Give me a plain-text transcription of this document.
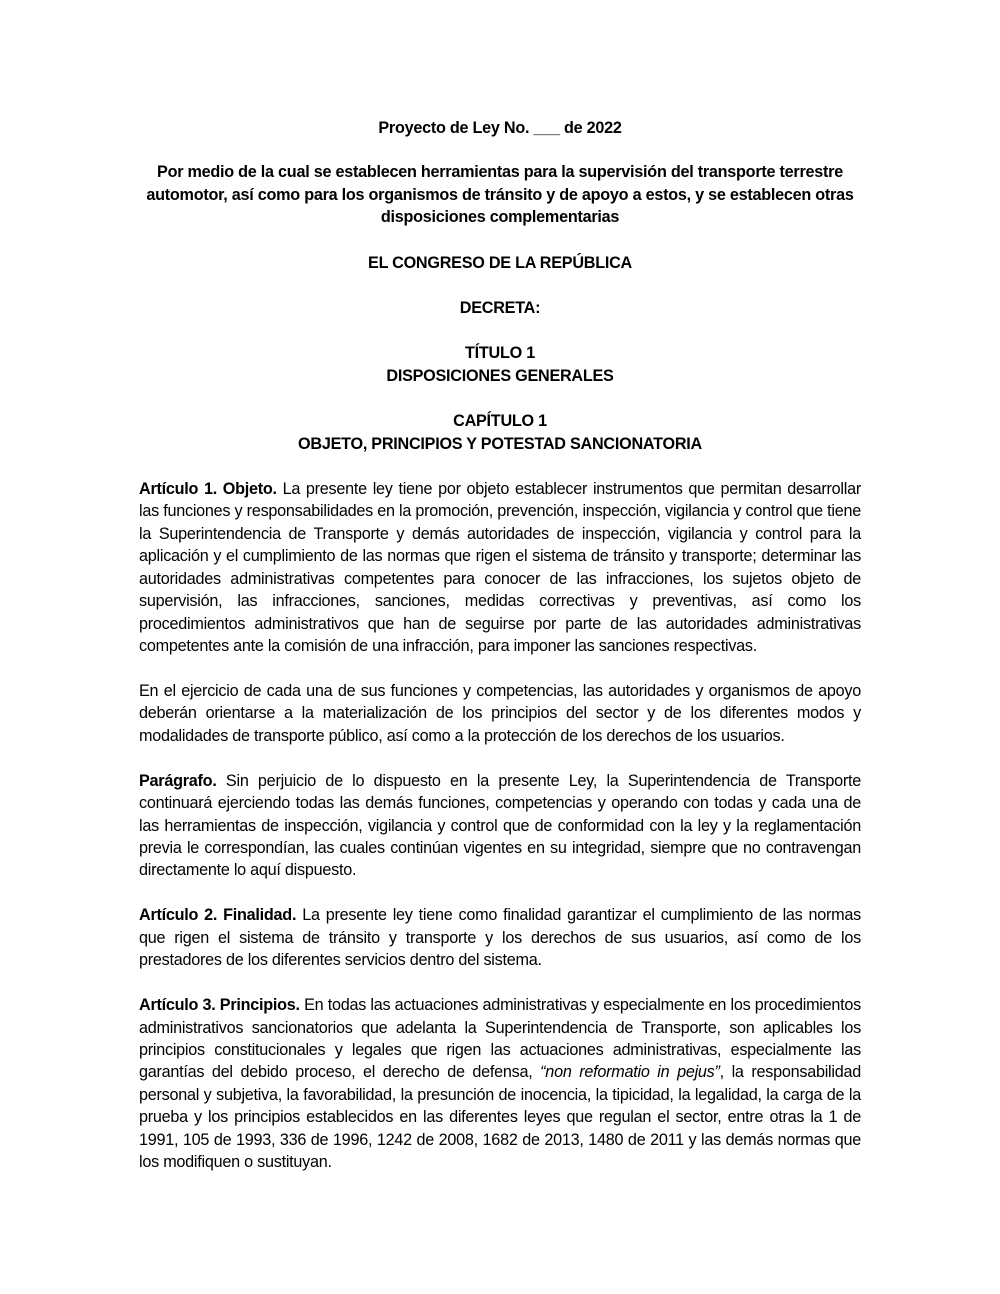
Proyecto de Ley No. ___ de 2022

Por medio de la cual se establecen herramientas para la supervisión del transporte terrestre automotor, así como para los organismos de tránsito y de apoyo a estos, y se establecen otras disposiciones complementarias

EL CONGRESO DE LA REPÚBLICA

DECRETA:

TÍTULO 1

DISPOSICIONES GENERALES

CAPÍTULO 1

OBJETO, PRINCIPIOS Y POTESTAD SANCIONATORIA

Artículo 1. Objeto. La presente ley tiene por objeto establecer instrumentos que permitan desarrollar las funciones y responsabilidades en la promoción, prevención, inspección, vigilancia y control que tiene la Superintendencia de Transporte y demás autoridades de inspección, vigilancia y control para la aplicación y el cumplimiento de las normas que rigen el sistema de tránsito y transporte; determinar las autoridades administrativas competentes para conocer de las infracciones, los sujetos objeto de supervisión, las infracciones, sanciones, medidas correctivas y preventivas, así como los procedimientos administrativos que han de seguirse por parte de las autoridades administrativas competentes ante la comisión de una infracción, para imponer las sanciones respectivas.

En el ejercicio de cada una de sus funciones y competencias, las autoridades y organismos de apoyo deberán orientarse a la materialización de los principios del sector y de los diferentes modos y modalidades de transporte público, así como a la protección de los derechos de los usuarios.

Parágrafo. Sin perjuicio de lo dispuesto en la presente Ley, la Superintendencia de Transporte continuará ejerciendo todas las demás funciones, competencias y operando con todas y cada una de las herramientas de inspección, vigilancia y control que de conformidad con la ley y la reglamentación previa le correspondían, las cuales continúan vigentes en su integridad, siempre que no contravengan directamente lo aquí dispuesto.

Artículo 2. Finalidad. La presente ley tiene como finalidad garantizar el cumplimiento de las normas que rigen el sistema de tránsito y transporte y los derechos de sus usuarios, así como de los prestadores de los diferentes servicios dentro del sistema.

Artículo 3. Principios. En todas las actuaciones administrativas y especialmente en los procedimientos administrativos sancionatorios que adelanta la Superintendencia de Transporte, son aplicables los principios constitucionales y legales que rigen las actuaciones administrativas, especialmente las garantías del debido proceso, el derecho de defensa, “non reformatio in pejus”, la responsabilidad personal y subjetiva, la favorabilidad, la presunción de inocencia, la tipicidad, la legalidad, la carga de la prueba y los principios establecidos en las diferentes leyes que regulan el sector, entre otras la 1 de 1991, 105 de 1993, 336 de 1996, 1242 de 2008, 1682 de 2013, 1480 de 2011 y las demás normas que los modifiquen o sustituyan.
